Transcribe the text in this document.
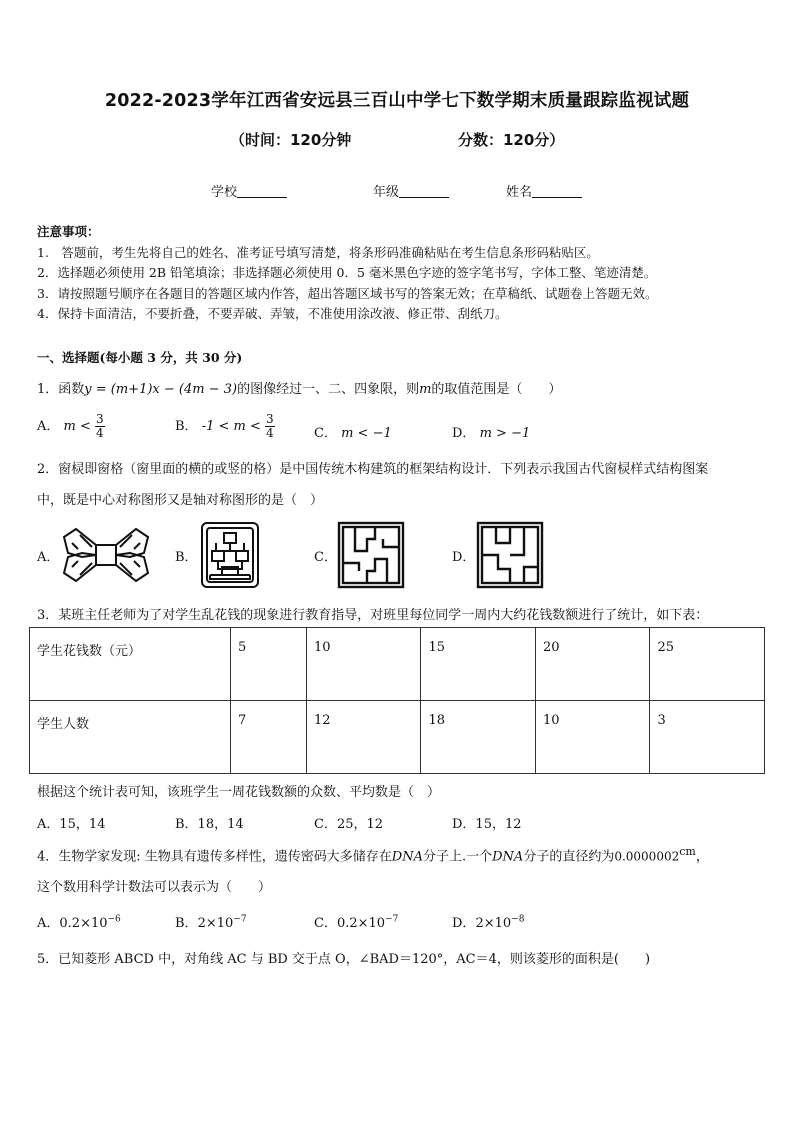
2022-2023学年江西省安远县三百山中学七下数学期末质量跟踪监视试题
（时间：120分钟	分数：120分）
学校	年级	姓名
注意事项：
1.　答题前，考生先将自己的姓名、准考证号填写清楚，将条形码准确粘贴在考生信息条形码粘贴区。
2．选择题必须使用 2B 铅笔填涂；非选择题必须使用 0．5 毫米黑色字迹的签字笔书写，字体工整、笔迹清楚。
3．请按照题号顺序在各题目的答题区域内作答，超出答题区域书写的答案无效；在草稿纸、试题卷上答题无效。
4．保持卡面清洁，不要折叠，不要弄破、弄皱，不准使用涂改液、修正带、刮纸刀。
一、选择题(每小题 3 分，共 30 分)
1．函数y = (m+1)x − (4m − 3)的图像经过一、二、四象限，则m的取值范围是（　　）
A． $m < \frac{3}{4}$	B． $-1 < m < \frac{3}{4}$	C． m < −1	D． m > −1
2．窗棂即窗格（窗里面的横的或竖的格）是中国传统木构建筑的框架结构设计．下列表示我国古代窗棂样式结构图案
中，既是中心对称图形又是轴对称图形的是（　）
A．	B．	C．	D．
3．某班主任老师为了对学生乱花钱的现象进行教育指导，对班里每位同学一周内大约花钱数额进行了统计，如下表：
学生花钱数（元）	5	10	15	20	25
学生人数	7	12	18	10	3
根据这个统计表可知，该班学生一周花钱数额的众数、平均数是（　）
A．15，14	B．18，14	C．25，12	D．15，12
4．生物学家发现: 生物具有遗传多样性，遗传密码大多储存在DNA分子上.一个DNA分子的直径约为$0.0000002^{cm}$，
这个数用科学计数法可以表示为（　　）
A．$0.2\times 10^{-6}$	B．$2\times 10^{-7}$	C．$0.2\times 10^{-7}$	D．$2\times 10^{-8}$
5．已知菱形 ABCD 中，对角线 AC 与 BD 交于点 O，∠BAD＝120°，AC＝4，则该菱形的面积是(　　)
